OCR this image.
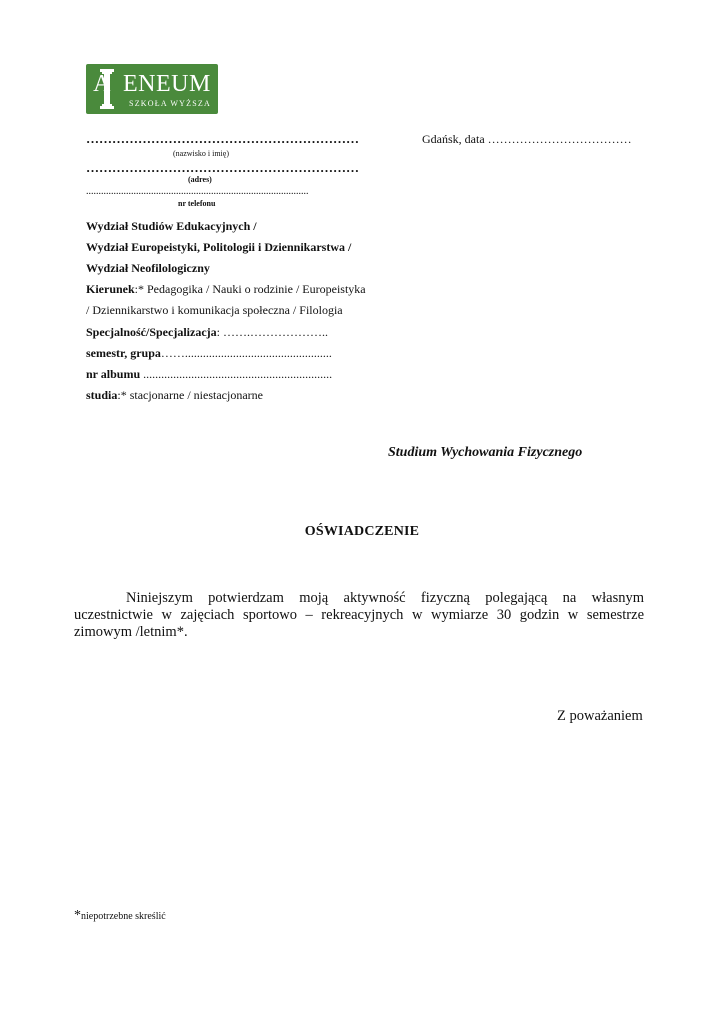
A ENEUM
SZKOŁA WYŻSZA
………………………………………………………
(nazwisko i imię)
………………………………………………………
(adres)
.........................................................................................
nr telefonu
Gdańsk, data ………………………………
Wydział Studiów Edukacyjnych /
Wydział Europeistyki, Politologii i Dziennikarstwa /
Wydział Neofilologiczny
Kierunek:* Pedagogika / Nauki o rodzinie / Europeistyka
/ Dziennikarstwo i komunikacja społeczna / Filologia
Specjalność/Specjalizacja: …….………………..
semestr, grupa…….................................................
nr albumu ...............................................................
studia:* stacjonarne / niestacjonarne
Studium Wychowania Fizycznego
OŚWIADCZENIE
Niniejszym potwierdzam moją aktywność fizyczną polegającą na własnym uczestnictwie w zajęciach sportowo – rekreacyjnych w wymiarze 30 godzin w semestrze zimowym /letnim*.
Z poważaniem
*niepotrzebne skreślić
